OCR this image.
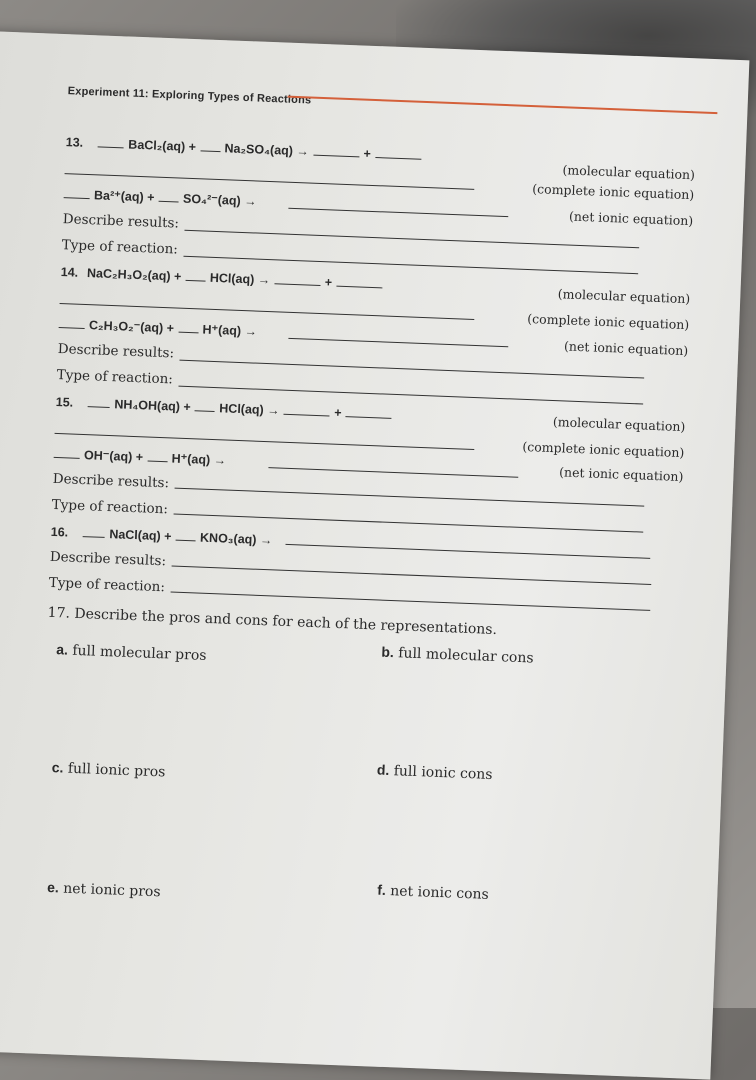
Experiment 11: Exploring Types of Reactions
13.	BaCl₂(aq) + Na₂SO₄(aq) →	+
(molecular equation)
(complete ionic equation)
Ba²⁺(aq) + SO₄²⁻(aq) →
(net ionic equation)
Describe results:
Type of reaction:
14. NaC₂H₃O₂(aq) + HCl(aq) →	+
(molecular equation)
(complete ionic equation)
C₂H₃O₂⁻(aq) + H⁺(aq) →
(net ionic equation)
Describe results:
Type of reaction:
15.	NH₄OH(aq) + HCl(aq) →	+
(molecular equation)
(complete ionic equation)
OH⁻(aq) + H⁺(aq) →
(net ionic equation)
Describe results:
Type of reaction:
16.	NaCl(aq) + KNO₃(aq) →
Describe results:
Type of reaction:
17. Describe the pros and cons for each of the representations.
a. full molecular pros	b. full molecular cons
c. full ionic pros	d. full ionic cons
e. net ionic pros	f. net ionic cons
